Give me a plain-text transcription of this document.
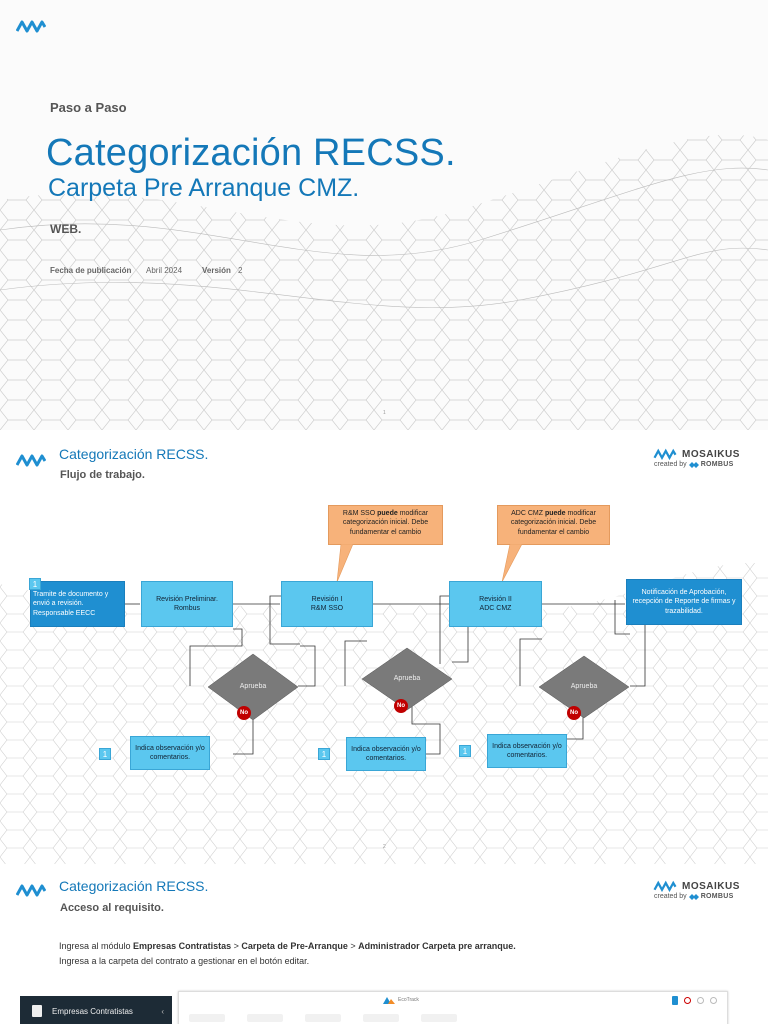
Paso a Paso
Categorización RECSS.
Carpeta Pre Arranque CMZ.
WEB.
Fecha de publicación Abril 2024 Versión 2
1
Categorización RECSS.
Flujo de trabajo.
MOSAIKUS
created by ROMBUS
R&M SSO puede modificar categorización inicial. Debe fundamentar el cambio
ADC CMZ puede modificar categorización inicial. Debe fundamentar el cambio
Tramite de documento y envió a revisión. Responsable EECC
1
Revisión Preliminar. Rombus
Revisión I
R&M SSO
Revisión II
ADC CMZ
Notificación de Aprobación, recepción de Reporte de firmas y trazabilidad.
Aprueba
Aprueba
Aprueba
No
No
No
1
Indica observación y/o comentarios.	1
Indica observación y/o comentarios.
1
Indica observación y/o comentarios.
2
Categorización RECSS.
Acceso al requisito.
MOSAIKUS
created by ROMBUS
Ingresa al módulo Empresas Contratistas > Carpeta de Pre-Arranque > Administrador Carpeta pre arranque.
Ingresa a la carpeta del contrato a gestionar en el botón editar.
Empresas Contratistas	‹
EcoTrack
